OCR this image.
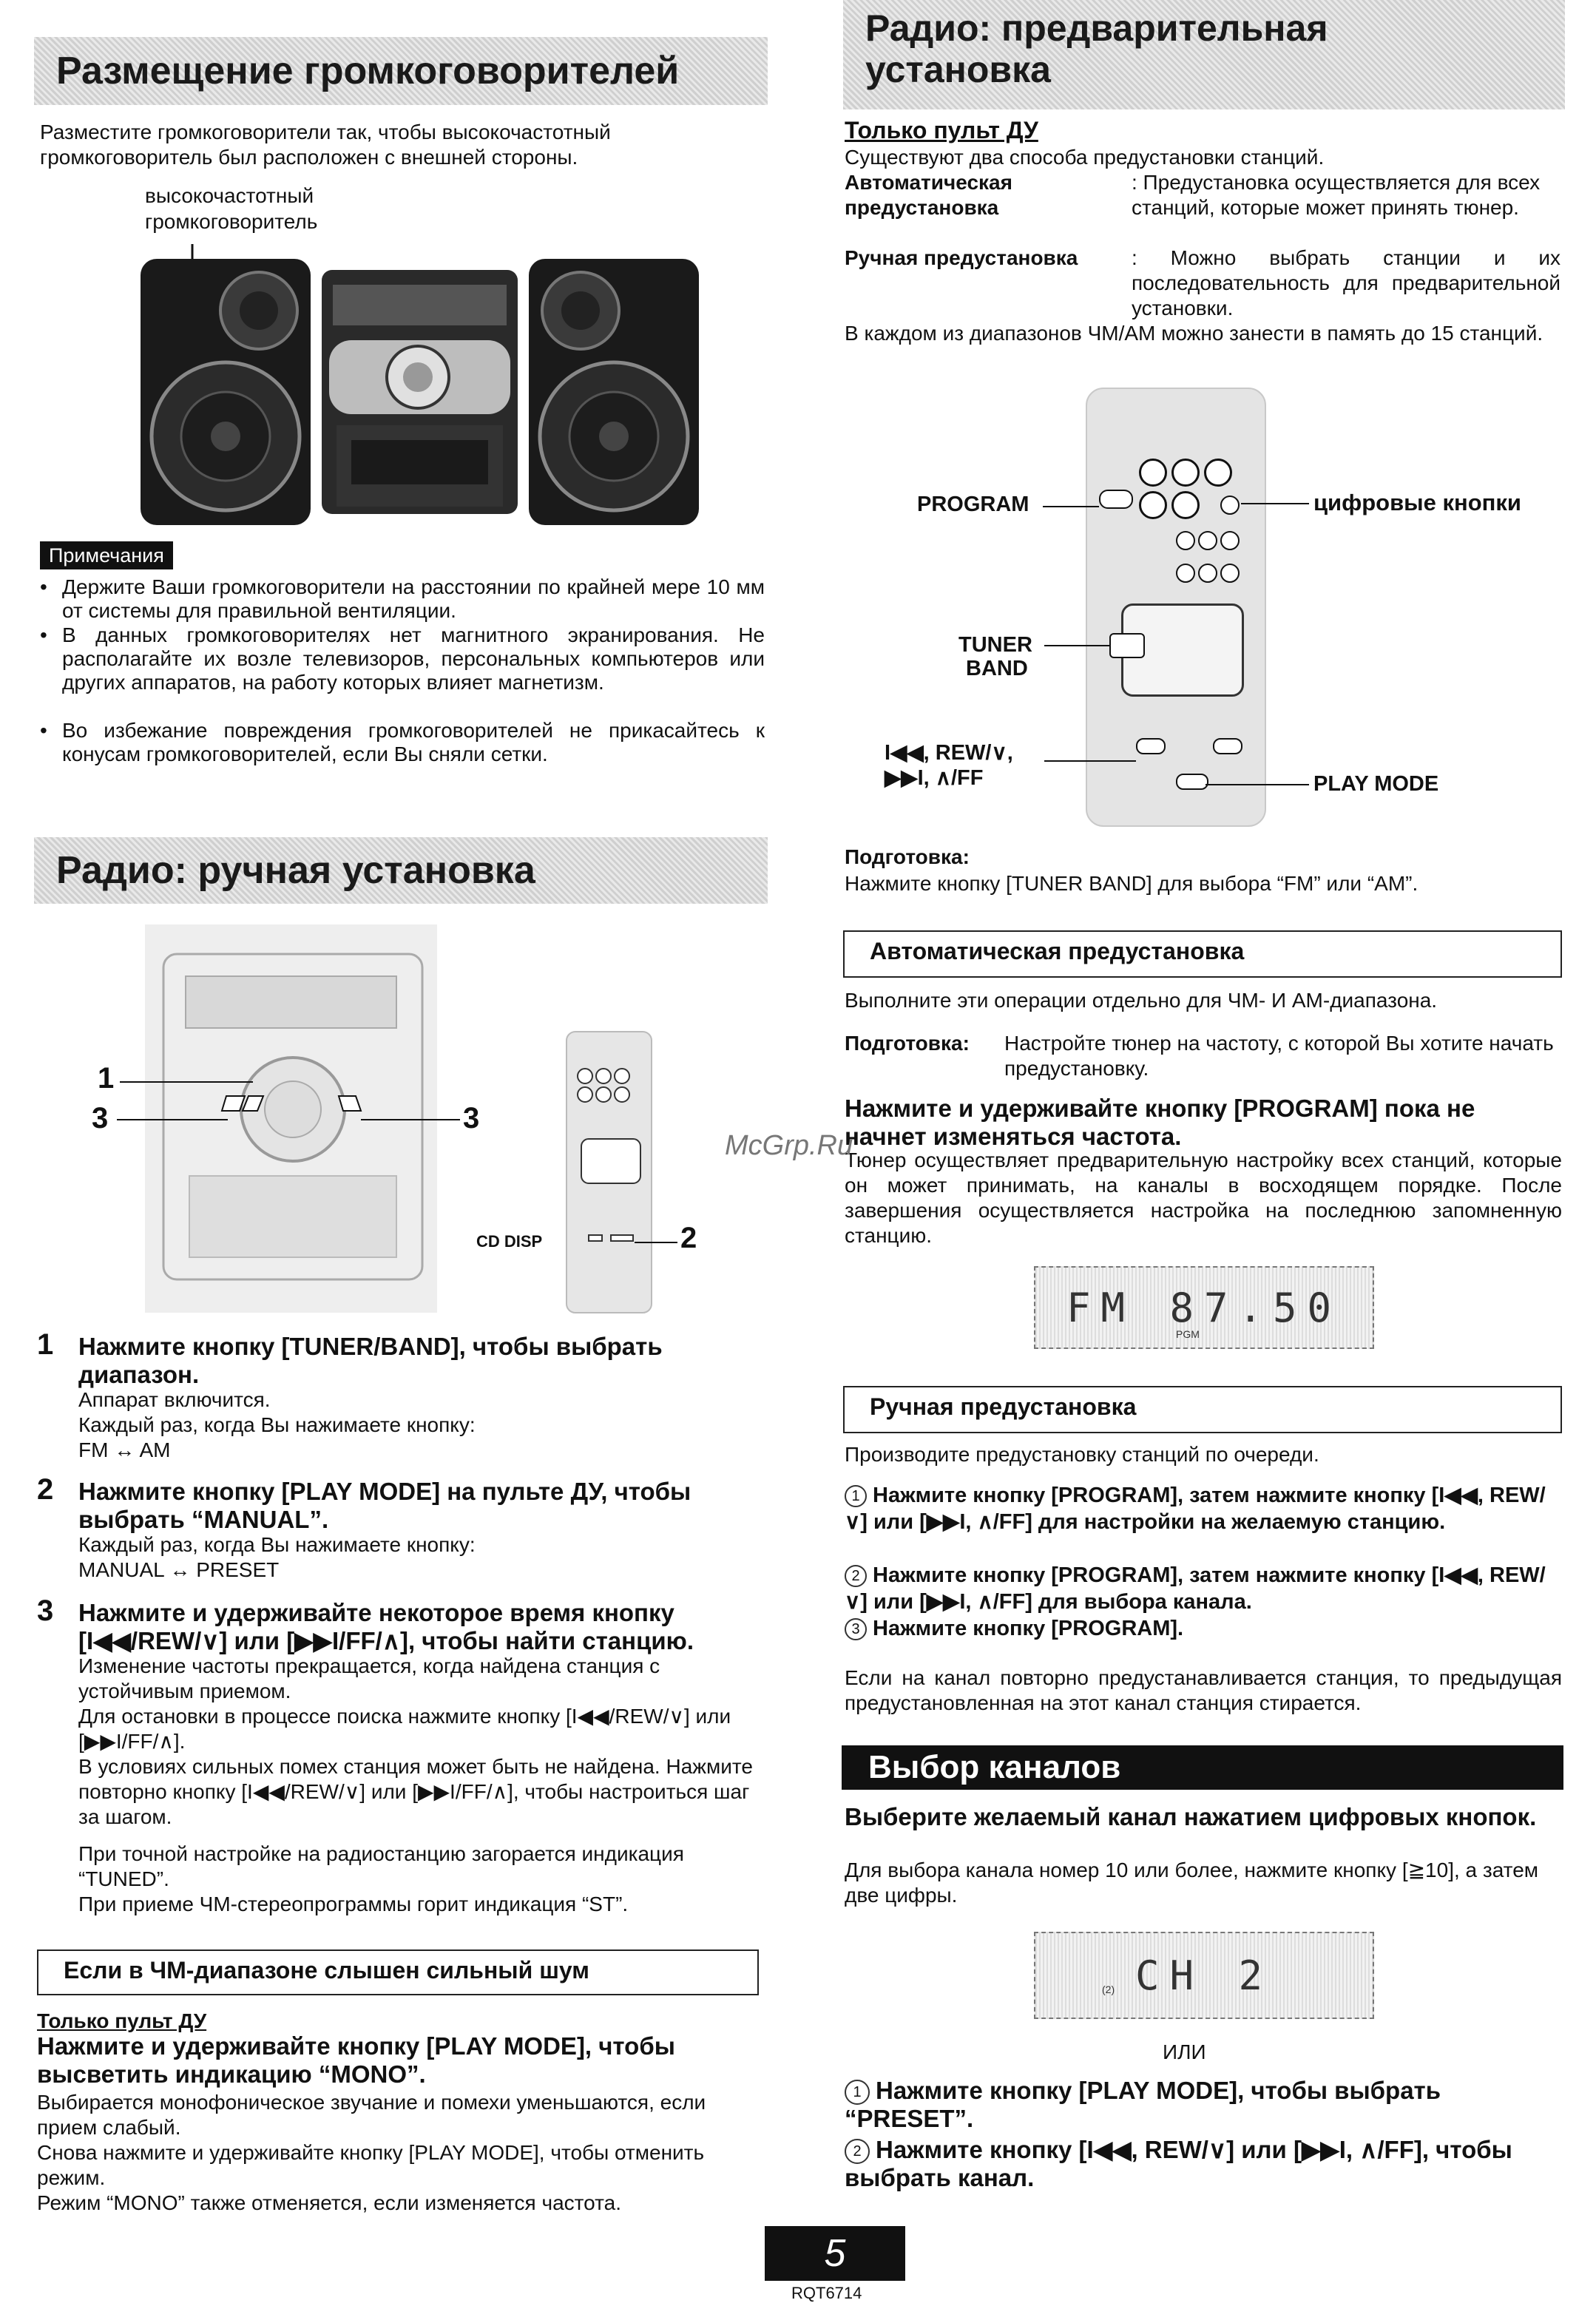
Размещение громкоговорителей
Разместите громкоговорители так, чтобы высокочастотный громкоговоритель был расположен с внешней стороны.
высокочастотный
громкоговоритель
Примечания
• Держите Ваши громкоговорители на расстоянии по крайней мере 10 мм от системы для правильной вентиляции.
• В данных громкоговорителях нет магнитного экранирования. Не располагайте их возле телевизоров, персональных компьютеров или других аппаратов, на работу которых влияет магнетизм.
• Во избежание повреждения громкоговорителей не прикасайтесь к конусам громкоговорителей, если Вы сняли сетки.
Радио: ручная установка
1
3	3
CD DISP	2
1 Нажмите кнопку [TUNER/BAND], чтобы выбрать диапазон.
Аппарат включится.
Каждый раз, когда Вы нажимаете кнопку:
FM ↔ AM
2 Нажмите кнопку [PLAY MODE] на пульте ДУ, чтобы выбрать “MANUAL”.
Каждый раз, когда Вы нажимаете кнопку:
MANUAL ↔ PRESET
3 Нажмите и удерживайте некоторое время кнопку [I◀◀/REW/∨] или [▶▶I/FF/∧], чтобы найти станцию.
Изменение частоты прекращается, когда найдена станция с устойчивым приемом.
Для остановки в процессе поиска нажмите кнопку [I◀◀/REW/∨] или [▶▶I/FF/∧].
В условиях сильных помех станция может быть не найдена. Нажмите повторно кнопку [I◀◀/REW/∨] или [▶▶I/FF/∧], чтобы настроиться шаг за шагом.
При точной настройке на радиостанцию загорается индикация “TUNED”.
При приеме ЧМ-стереопрограммы горит индикация “ST”.
Если в ЧМ-диапазоне слышен сильный шум
Только пульт ДУ
Нажмите и удерживайте кнопку [PLAY MODE], чтобы высветить индикацию “MONO”.
Выбирается монофоническое звучание и помехи уменьшаются, если прием слабый.
Снова нажмите и удерживайте кнопку [PLAY MODE], чтобы отменить режим.
Режим “MONO” также отменяется, если изменяется частота.
Радио: предварительная
установка
Только пульт ДУ
Существуют два способа предустановки станций.
Автоматическая
предустановка
: Предустановка осуществляется для всех станций, которые может принять тюнер.
Ручная предустановка	: Можно выбрать станции и их последовательность для предварительной установки.
В каждом из диапазонов ЧМ/АМ можно занести в память до 15 станций.
PROGRAM	цифровые кнопки
TUNER
BAND
I◀◀, REW/∨,
▶▶I, ∧/FF	PLAY MODE
Подготовка:
Нажмите кнопку [TUNER BAND] для выбора “FM” или “AM”.
Автоматическая предустановка
Выполните эти операции отдельно для ЧМ- И АМ-диапазона.
Подготовка: Настройте тюнер на частоту, с которой Вы хотите начать предустановку.
Нажмите и удерживайте кнопку [PROGRAM] пока не начнет изменяться частота.
Тюнер осуществляет предварительную настройку всех станций, которые он может принимать, на каналы в восходящем порядке. После завершения осуществляется настройка на последнюю запомненную станцию.
McGrp.Ru
FM 87.50
PGM
Ручная предустановка
Производите предустановку станций по очереди.
1 Нажмите кнопку [PROGRAM], затем нажмите кнопку [I◀◀, REW/∨] или [▶▶I, ∧/FF] для настройки на желаемую станцию.
2 Нажмите кнопку [PROGRAM], затем нажмите кнопку [I◀◀, REW/∨] или [▶▶I, ∧/FF] для выбора канала.
3 Нажмите кнопку [PROGRAM].
Если на канал повторно предустанавливается станция, то предыдущая предустановленная на этот канал станция стирается.
Выбор каналов
Выберите желаемый канал нажатием цифровых кнопок.
Для выбора канала номер 10 или более, нажмите кнопку [≧10], а затем две цифры.
CH 2
(2)
ИЛИ
1 Нажмите кнопку [PLAY MODE], чтобы выбрать “PRESET”.
2 Нажмите кнопку [I◀◀, REW/∨] или [▶▶I, ∧/FF], чтобы выбрать канал.
5
RQT6714
